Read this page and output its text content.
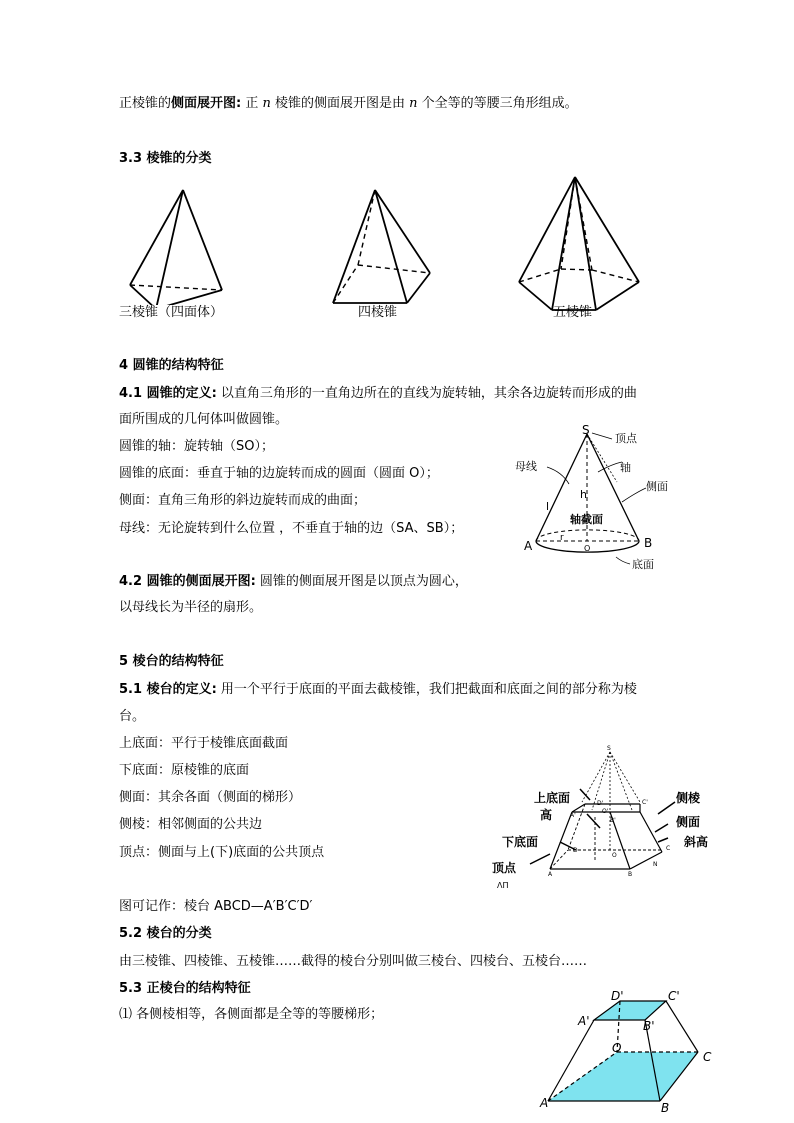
正棱锥的侧面展开图: 正 n 棱锥的侧面展开图是由 n 个全等的等腰三角形组成。
3.3 棱锥的分类
三棱锥（四面体）	四棱锥	五棱锥
4 圆锥的结构特征
4.1 圆锥的定义: 以直角三角形的一直角边所在的直线为旋转轴，其余各边旋转而形成的曲
面所围成的几何体叫做圆锥。
圆锥的轴：旋转轴（SO）；
圆锥的底面：垂直于轴的边旋转而成的圆面（圆面 O）；
侧面：直角三角形的斜边旋转而成的曲面；
母线：无论旋转到什么位置 ，不垂直于轴的边（SA、SB）；
S
顶点
母线	轴
侧面
h
l
轴截面
r
O
A	B
底面
4.2 圆锥的侧面展开图: 圆锥的侧面展开图是以顶点为圆心，
以母线长为半径的扇形。
5 棱台的结构特征
5.1 棱台的定义: 用一个平行于底面的平面去截棱锥，我们把截面和底面之间的部分称为棱
台。
上底面：平行于棱锥底面截面
下底面：原棱锥的底面
侧面：其余各面（侧面的梯形）
侧棱：相邻侧面的公共边
顶点：侧面与上(下)底面的公共顶点
S
上底面
高
侧棱
侧面
下底面	斜高
顶点
A'
D'
O'
C'
B'
D
O
C
A	B
N
ΛΠ
图可记作：棱台 ABCD—A′B′C′D′
5.2 棱台的分类
由三棱锥、四棱锥、五棱锥……截得的棱台分别叫做三棱台、四棱台、五棱台……
5.3 正棱台的结构特征
⑴ 各侧棱相等，各侧面都是全等的等腰梯形；
D'	C'
A'	B'
O
C
A	B
